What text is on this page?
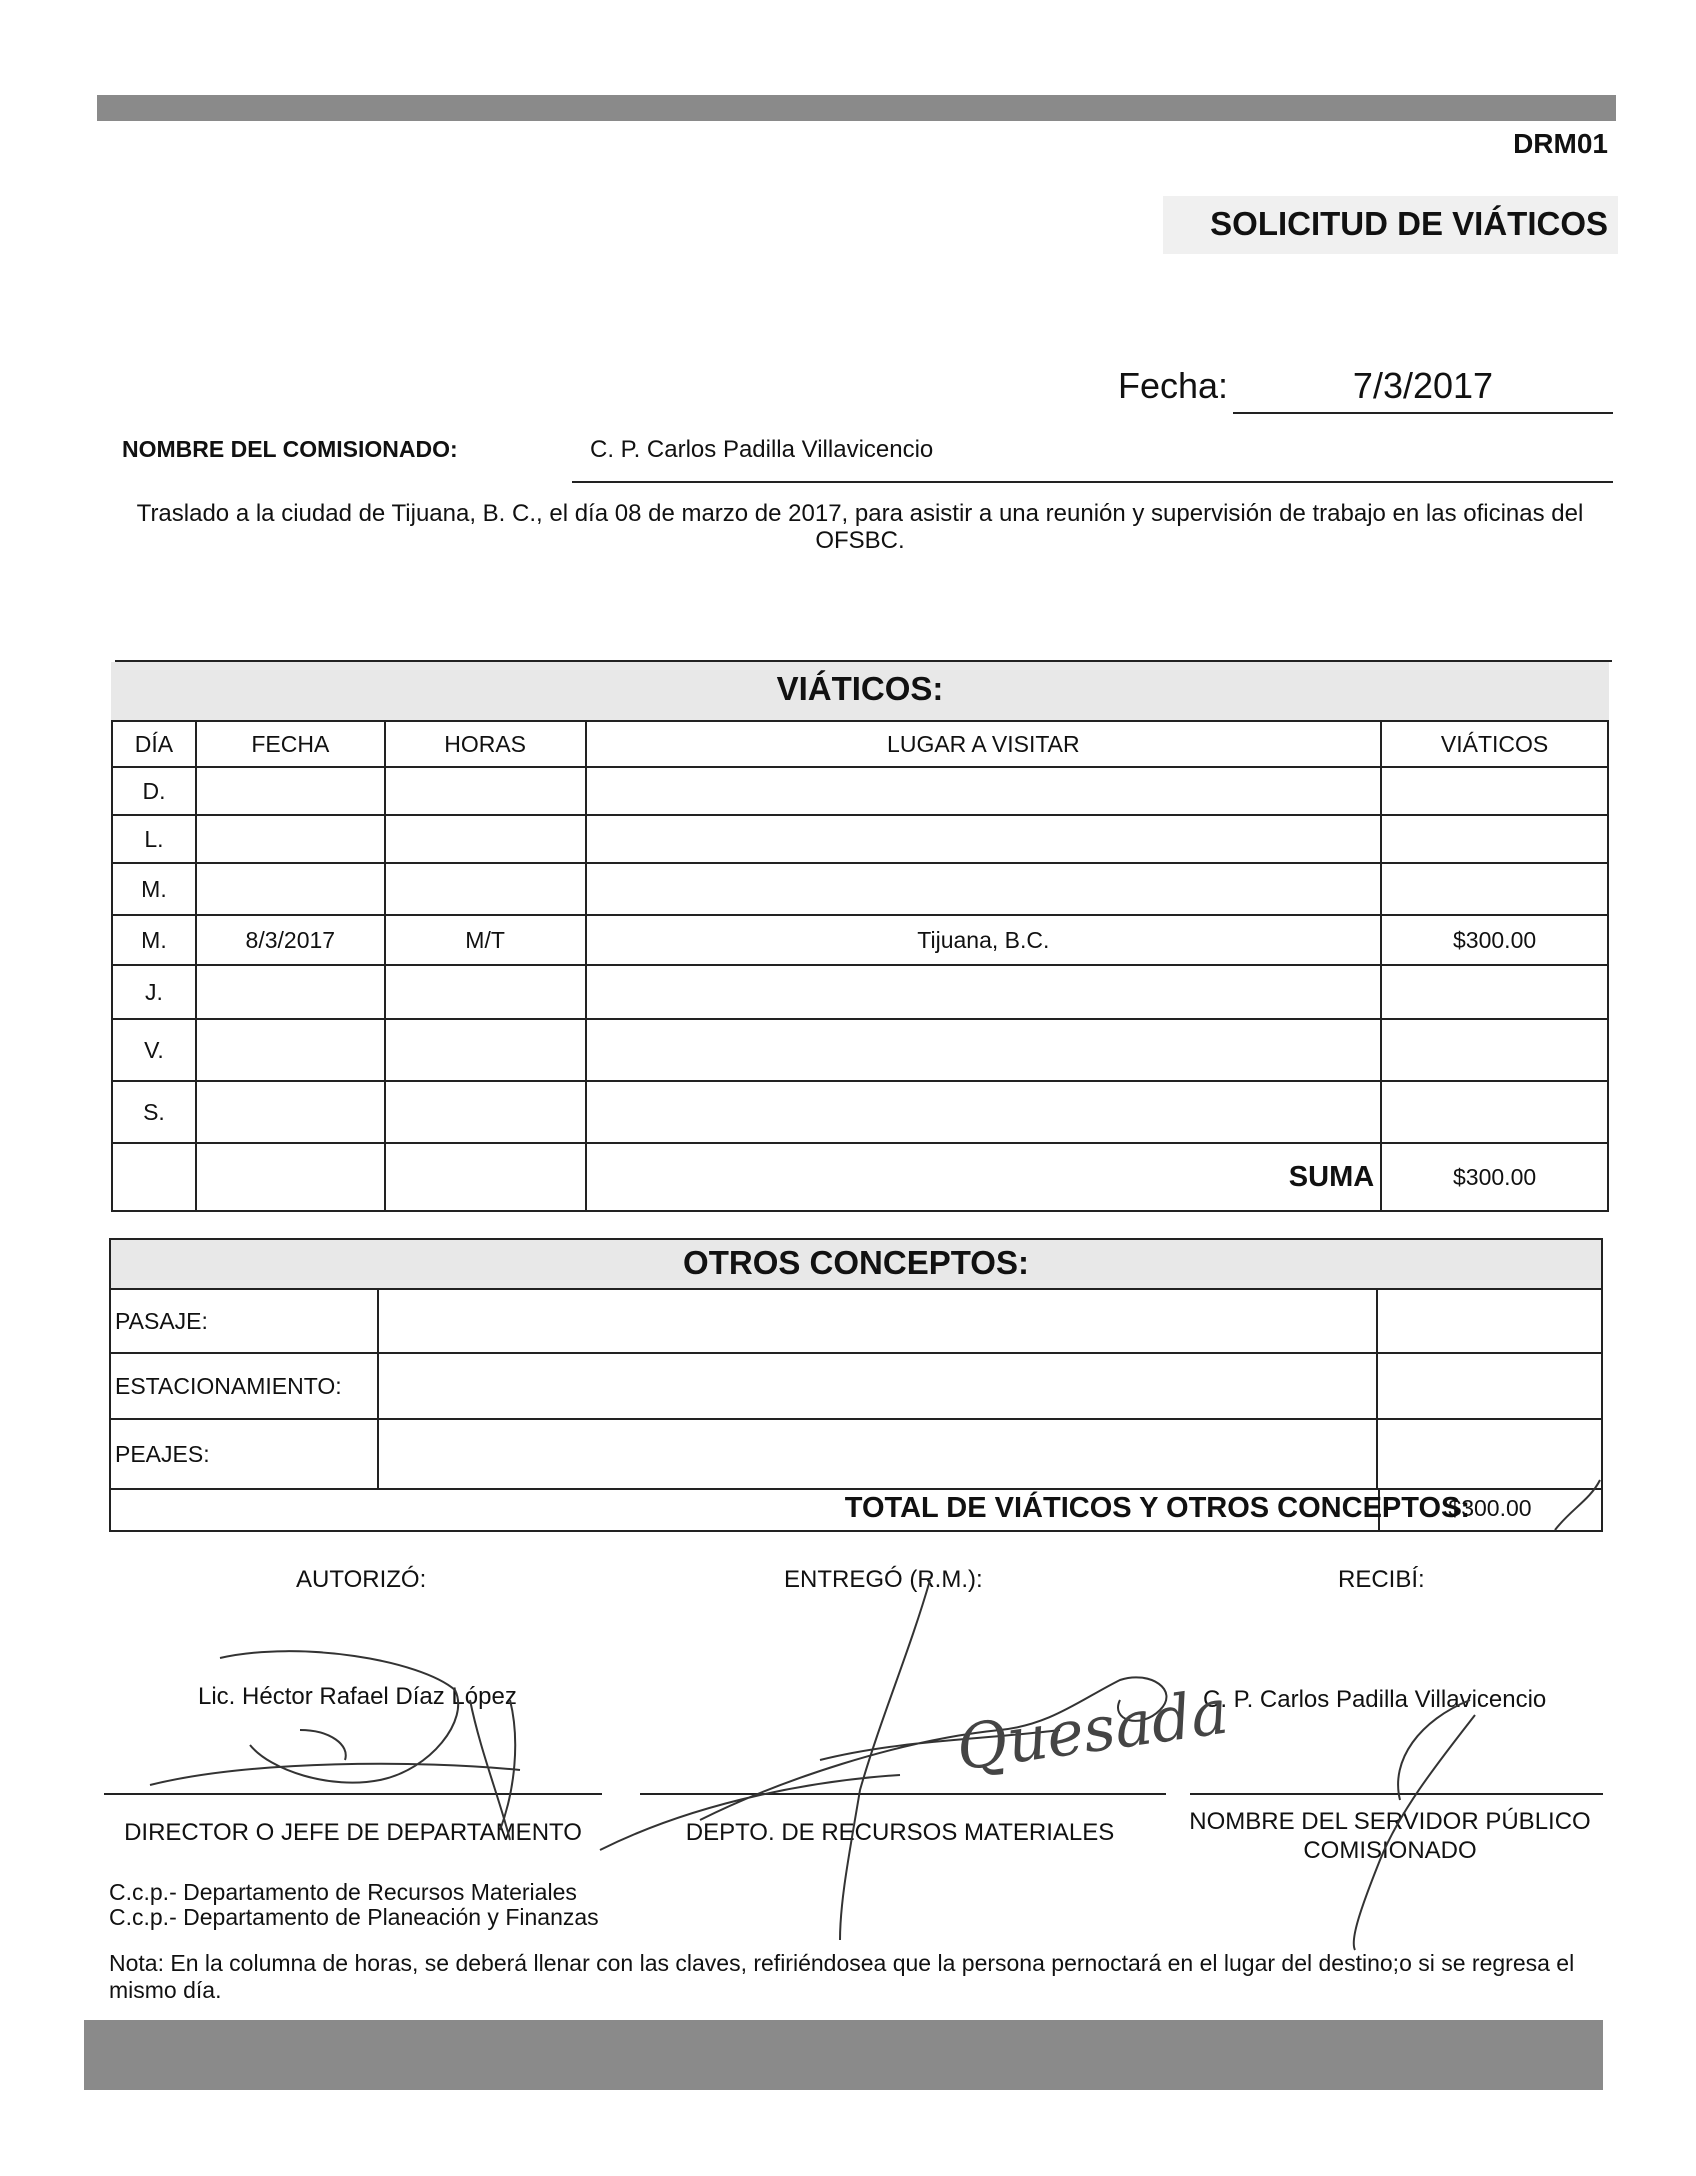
DRM01
SOLICITUD DE VIÁTICOS
Fecha:	7/3/2017
NOMBRE DEL COMISIONADO:	C. P. Carlos Padilla Villavicencio
Traslado a la ciudad de Tijuana, B. C., el día 08 de marzo de 2017, para asistir a una reunión y supervisión de trabajo en las oficinas del OFSBC.
VIÁTICOS:
DÍA	FECHA	HORAS	LUGAR A VISITAR	VIÁTICOS
D.				
L.				
M.				
M.	8/3/2017	M/T	Tijuana, B.C.	$300.00
J.				
V.				
S.				
			SUMA	$300.00
OTROS CONCEPTOS:
PASAJE:		
ESTACIONAMIENTO:		
PEAJES:		
TOTAL DE VIÁTICOS Y OTROS CONCEPTOS:
$300.00
AUTORIZÓ:	ENTREGÓ (R.M.):	RECIBÍ:
Lic. Héctor Rafael Díaz López	C. P. Carlos Padilla Villavicencio
DIRECTOR O JEFE DE DEPARTAMENTO	DEPTO. DE RECURSOS MATERIALES	NOMBRE DEL SERVIDOR PÚBLICO COMISIONADO
C.c.p.- Departamento de Recursos Materiales
C.c.p.- Departamento de Planeación y Finanzas
Nota: En la columna de horas, se deberá llenar con las claves, refiriéndosea que la persona pernoctará en el lugar del destino;o si se regresa el mismo día.
Quesada
